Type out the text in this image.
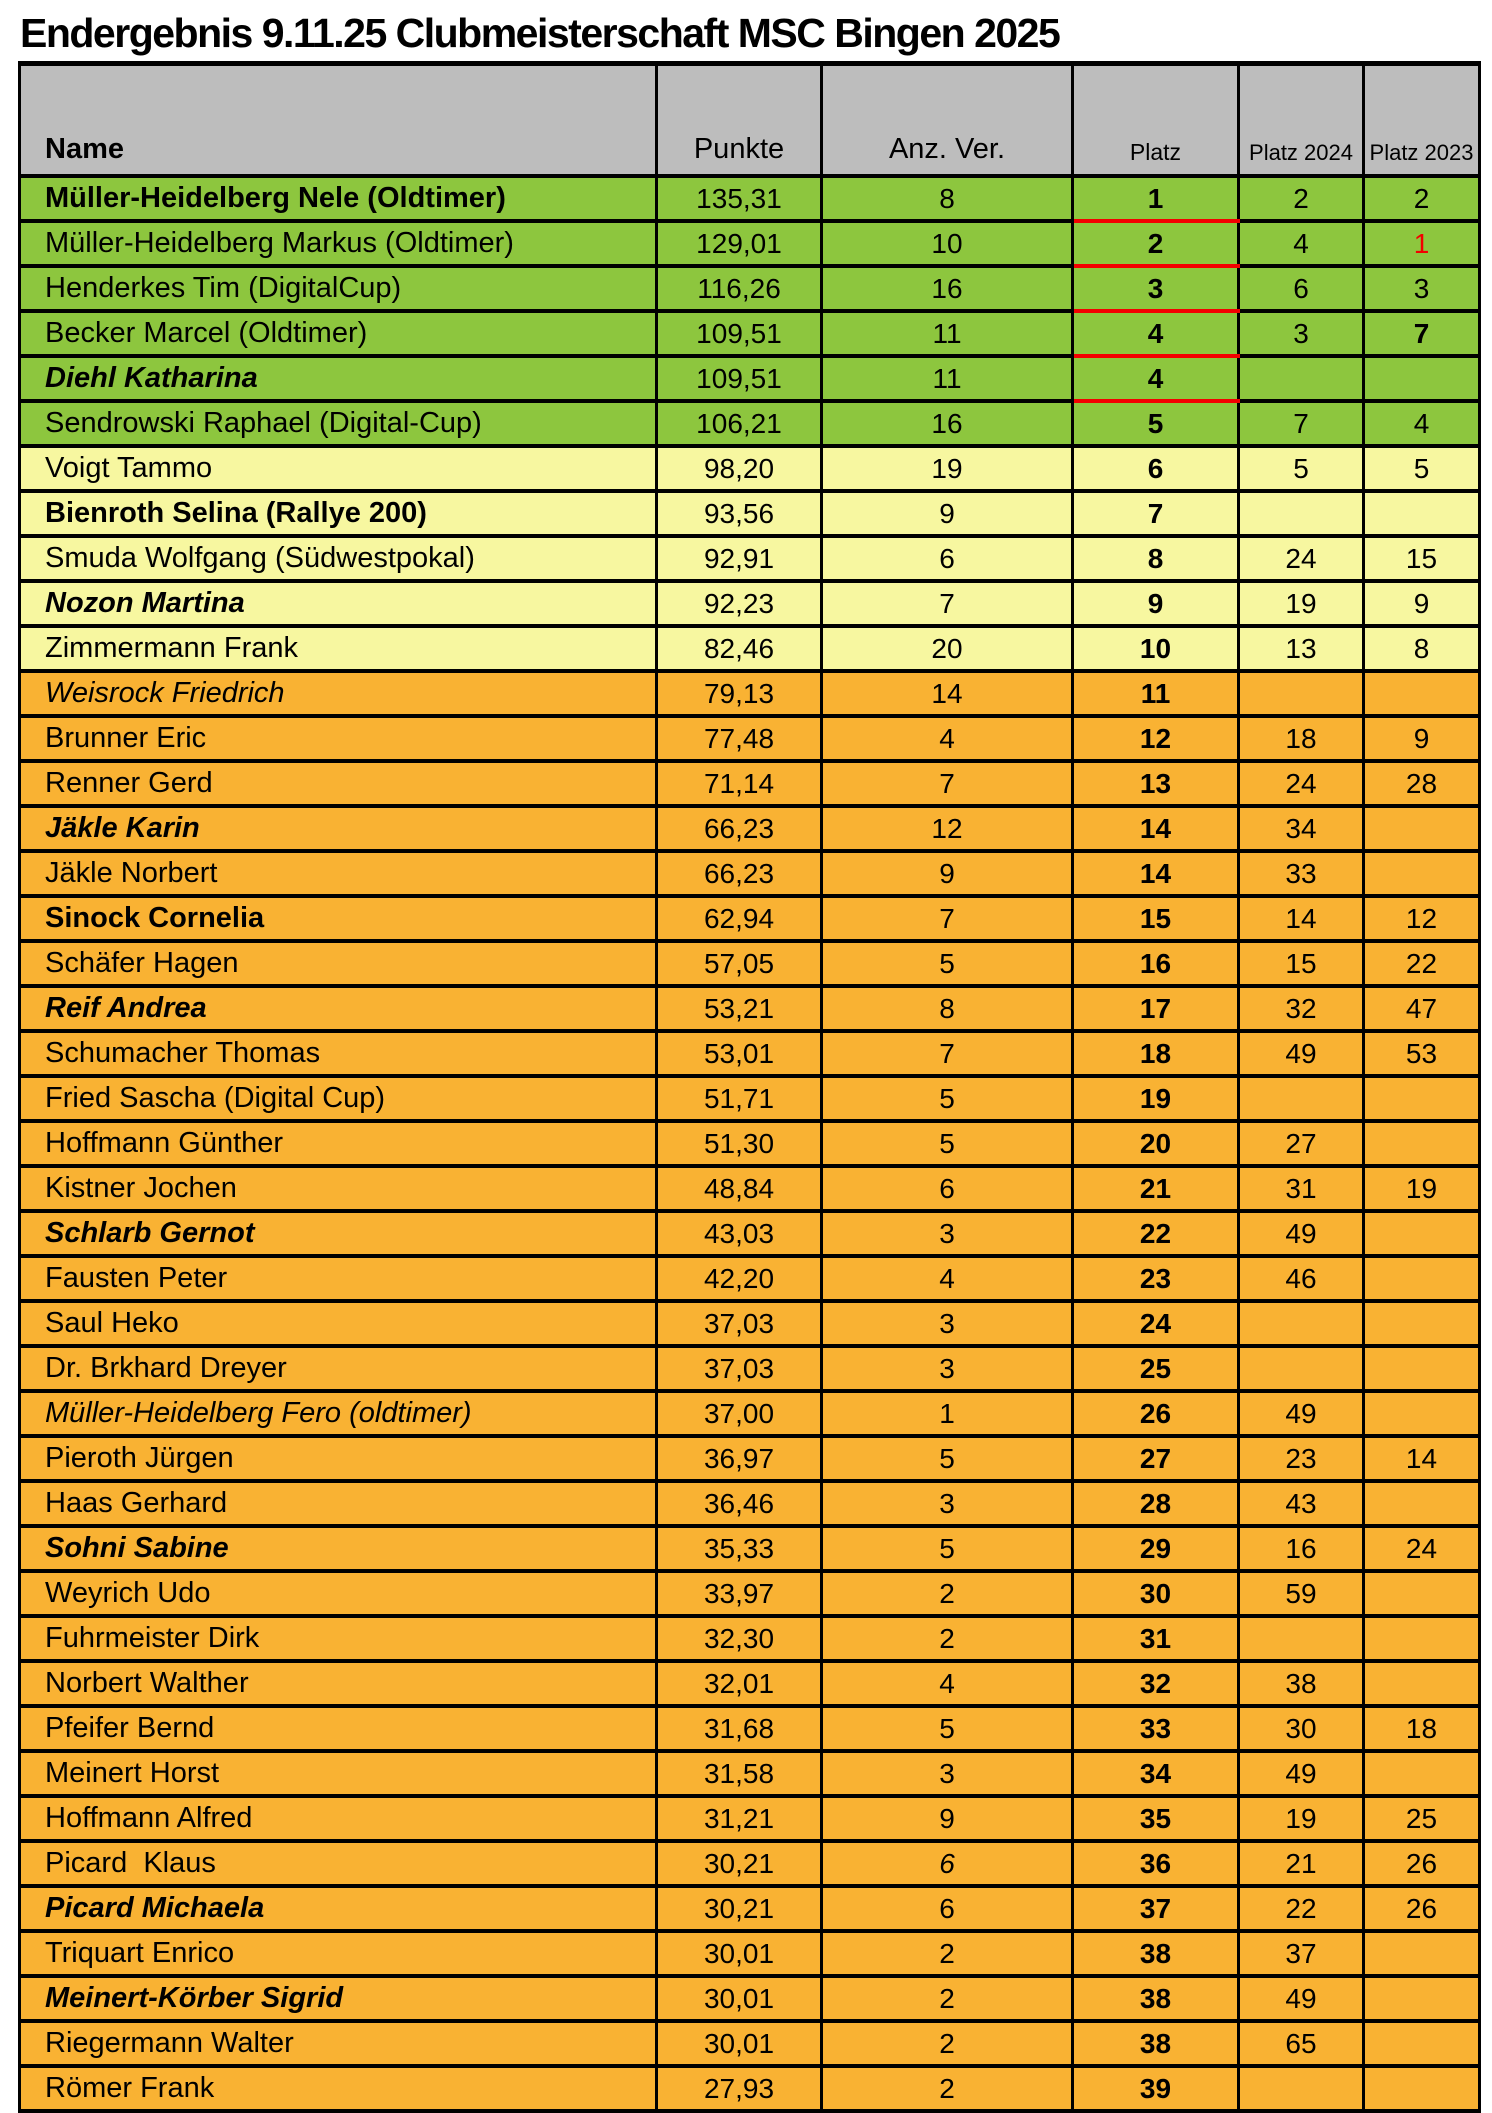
Endergebnis 9.11.25 Clubmeisterschaft MSC Bingen 2025
Name	Punkte	Anz. Ver.	Platz	Platz 2024	Platz 2023
Müller-Heidelberg Nele (Oldtimer)	135,31	8	1	2	2
Müller-Heidelberg Markus (Oldtimer)	129,01	10	2	4	1
Henderkes Tim (DigitalCup)	116,26	16	3	6	3
Becker Marcel (Oldtimer)	109,51	11	4	3	7
Diehl Katharina	109,51	11	4		
Sendrowski Raphael (Digital-Cup)	106,21	16	5	7	4
Voigt Tammo	98,20	19	6	5	5
Bienroth Selina (Rallye 200)	93,56	9	7		
Smuda Wolfgang (Südwestpokal)	92,91	6	8	24	15
Nozon Martina	92,23	7	9	19	9
Zimmermann Frank	82,46	20	10	13	8
Weisrock Friedrich	79,13	14	11		
Brunner Eric	77,48	4	12	18	9
Renner Gerd	71,14	7	13	24	28
Jäkle Karin	66,23	12	14	34	
Jäkle Norbert	66,23	9	14	33	
Sinock Cornelia	62,94	7	15	14	12
Schäfer Hagen	57,05	5	16	15	22
Reif Andrea	53,21	8	17	32	47
Schumacher Thomas	53,01	7	18	49	53
Fried Sascha (Digital Cup)	51,71	5	19		
Hoffmann Günther	51,30	5	20	27	
Kistner Jochen	48,84	6	21	31	19
Schlarb Gernot	43,03	3	22	49	
Fausten Peter	42,20	4	23	46	
Saul Heko	37,03	3	24		
Dr. Brkhard Dreyer	37,03	3	25		
Müller-Heidelberg Fero (oldtimer)	37,00	1	26	49	
Pieroth Jürgen	36,97	5	27	23	14
Haas Gerhard	36,46	3	28	43	
Sohni Sabine	35,33	5	29	16	24
Weyrich Udo	33,97	2	30	59	
Fuhrmeister Dirk	32,30	2	31		
Norbert Walther	32,01	4	32	38	
Pfeifer Bernd	31,68	5	33	30	18
Meinert Horst	31,58	3	34	49	
Hoffmann Alfred	31,21	9	35	19	25
Picard  Klaus	30,21	6	36	21	26
Picard Michaela	30,21	6	37	22	26
Triquart Enrico	30,01	2	38	37	
Meinert-Körber Sigrid	30,01	2	38	49	
Riegermann Walter	30,01	2	38	65	
Römer Frank	27,93	2	39		
